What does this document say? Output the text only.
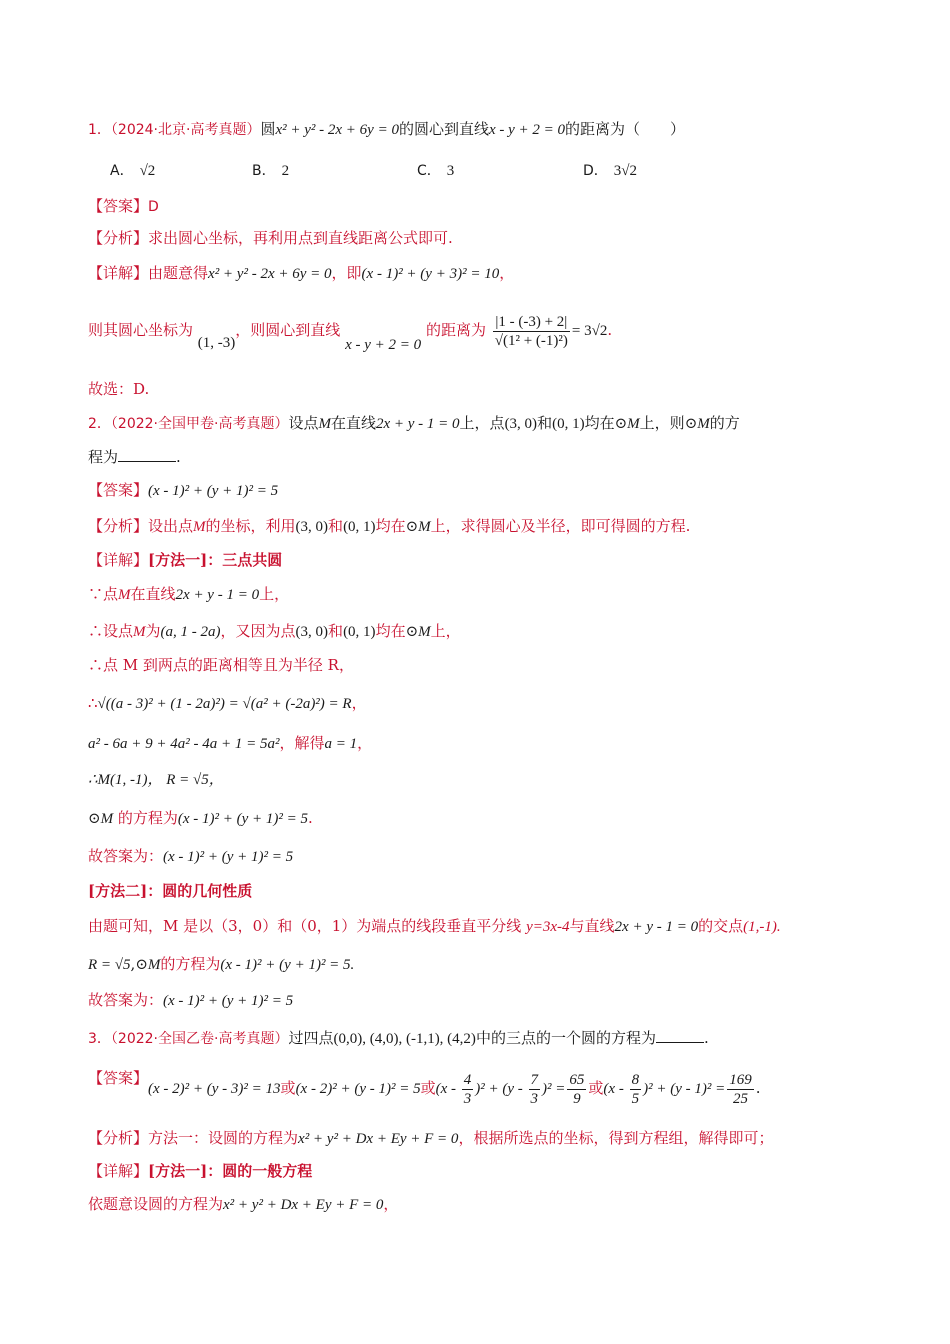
1．（2024·北京·高考真题）圆x² + y² - 2x + 6y = 0的圆心到直线x - y + 2 = 0的距离为（　　）
A． √2	B． 2	C． 3	D． 3√2
【答案】D
【分析】求出圆心坐标，再利用点到直线距离公式即可.
【详解】由题意得x² + y² - 2x + 6y = 0，即(x - 1)² + (y + 3)² = 10，
则其圆心坐标为 (1, -3)，则圆心到直线 x - y + 2 = 0 的距离为 $\frac{|1 - (-3) + 2|}{\text{√(1² + (-1)²)}} = 3√2$.
故选：D.
2．（2022·全国甲卷·高考真题）设点M在直线2x + y - 1 = 0上，点(3, 0)和(0, 1)均在⊙M上，则⊙M的方
程为	.
【答案】(x - 1)² + (y + 1)² = 5
【分析】设出点M的坐标，利用(3, 0)和(0, 1)均在⊙M上，求得圆心及半径，即可得圆的方程.
【详解】[方法一]：三点共圆
∵点M在直线2x + y - 1 = 0上，
∴设点M为(a, 1 - 2a)，又因为点(3, 0)和(0, 1)均在⊙M上，
∴点 M 到两点的距离相等且为半径 R，
∴√((a - 3)² + (1 - 2a)²) = √(a² + (-2a)²) = R，
a² - 6a + 9 + 4a² - 4a + 1 = 5a²，解得a = 1，
∴M(1, -1)， R = √5，
⊙M 的方程为(x - 1)² + (y + 1)² = 5.
故答案为：(x - 1)² + (y + 1)² = 5
[方法二]：圆的几何性质
由题可知，M 是以（3，0）和（0，1）为端点的线段垂直平分线 y=3x-4与直线2x + y - 1 = 0的交点(1,-1).
R = √5,⊙M的方程为(x - 1)² + (y + 1)² = 5.
故答案为：(x - 1)² + (y + 1)² = 5
3．（2022·全国乙卷·高考真题）过四点(0,0), (4,0), (-1,1), (4,2)中的三点的一个圆的方程为	.
【答案】(x - 2)² + (y - 3)² = 13或(x - 2)² + (y - 1)² = 5或$(x - \frac{4}{3} )^2 + (y - \frac{7}{3} )^2 = \frac{65}{9}$ 或$(x - \frac{8}{5} )^2 + (y - 1)^2 = \frac{169}{25}$ .
【分析】方法一：设圆的方程为x² + y² + Dx + Ey + F = 0，根据所选点的坐标，得到方程组，解得即可；
【详解】[方法一]：圆的一般方程
依题意设圆的方程为x² + y² + Dx + Ey + F = 0，
